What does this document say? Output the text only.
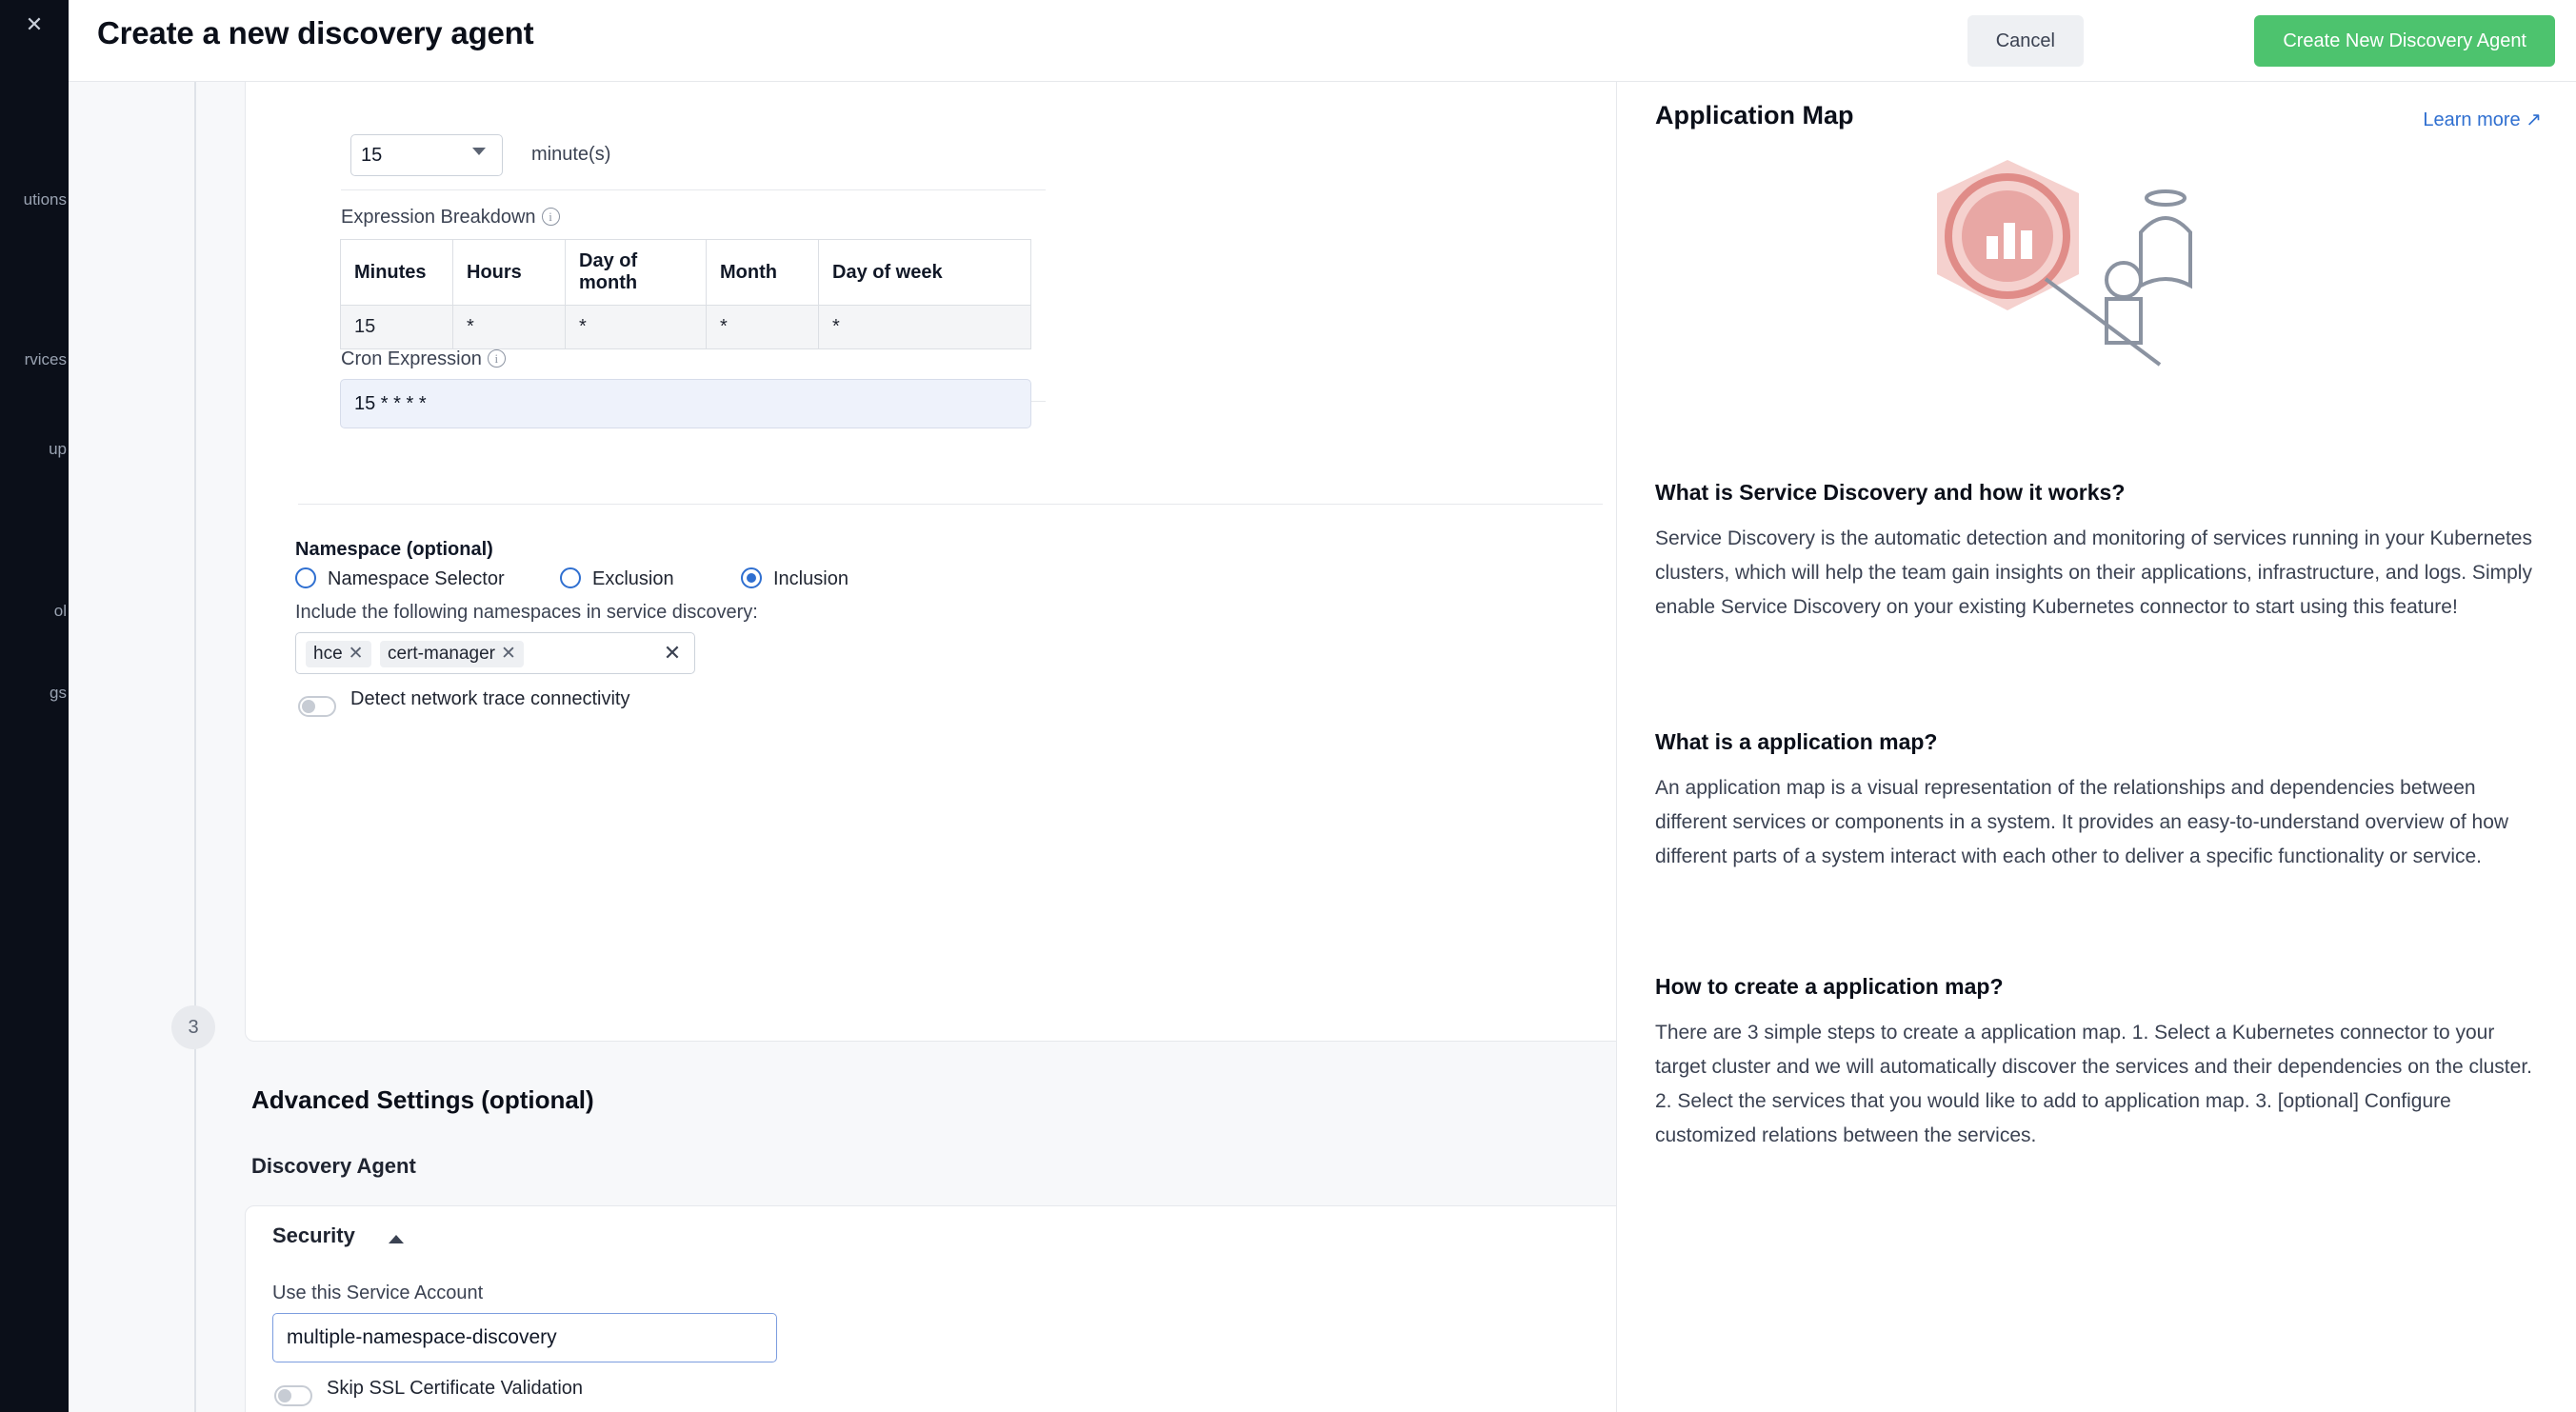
✕
utions
rvices
up
ol
gs
Create a new discovery agent	Cancel	Create New Discovery Agent
3
15
minute(s)
Expression Breakdown i
Minutes	Hours	Day of month	Month	Day of week
15	*	*	*	*
Cron Expression i
15 * * * *
Namespace (optional)
Namespace Selector	Exclusion	Inclusion
Include the following namespaces in service discovery:
hce ✕	cert-manager ✕	✕
Detect network trace connectivity
Advanced Settings (optional)
Discovery Agent
Security
Use this Service Account
multiple-namespace-discovery
Skip SSL Certificate Validation
Application Map	Learn more ↗
What is Service Discovery and how it works?
Service Discovery is the automatic detection and monitoring of services running in your Kubernetes clusters, which will help the team gain insights on their applications, infrastructure, and logs. Simply enable Service Discovery on your existing Kubernetes connector to start using this feature!
What is a application map?
An application map is a visual representation of the relationships and dependencies between different services or components in a system. It provides an easy-to-understand overview of how different parts of a system interact with each other to deliver a specific functionality or service.
How to create a application map?
There are 3 simple steps to create a application map. 1. Select a Kubernetes connector to your target cluster and we will automatically discover the services and their dependencies on the cluster. 2. Select the services that you would like to add to application map. 3. [optional] Configure customized relations between the services.
